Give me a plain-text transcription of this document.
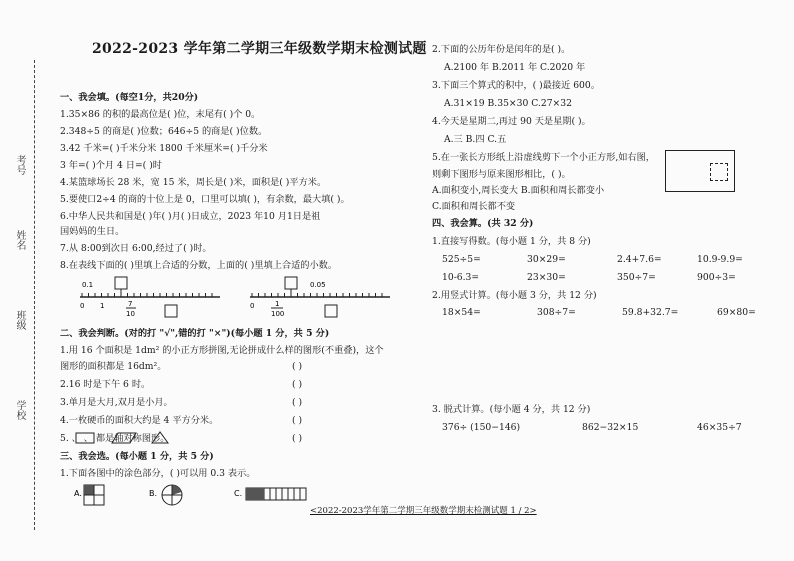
考号
姓名
班级
学校
2022-2023 学年第二学期三年级数学期末检测试题
一、我会填。(每空1分，共20分)
1.35×86 的积的最高位是( )位，末尾有( )个 0。
2.348÷5 的商是( )位数；646÷5 的商是( )位数。
3.42 千米=( )千米分米 1800 千米厘米=( )千分米
3 年=( )个月 4 日=( )时
4.某篮球场长 28 米，宽 15 米，周长是( )米，面积是( )平方米。
5.要使口2÷4 的商的十位上是 0，口里可以填( )，有余数，最大填( )。
6.中华人民共和国是( )年( )月( )日成立，2023 年10 月1日是祖
国妈妈的生日。
7.从 8:00到次日 6:00,经过了( )时。
8.在表线下面的( )里填上合适的分数，上面的( )里填上合适的小数。
0.1
0 1	7
10
0.05
0	1
100
二、我会判断。(对的打 "√",错的打 "×")(每小题 1 分，共 5 分)
1.用 16 个面积是 1dm² 的小正方形拼图,无论拼成什么样的图形(不重叠)，这个
图形的面积都是 16dm²。	( )
2.16 时是下午 6 时。	( )
3.单月是大月,双月是小月。	( )
4.一枚硬币的面积大约是 4 平方分米。	( )
5. 、 、 都是轴对称图形。	( )
三、我会选。(每小题 1 分，共 5 分)
1.下面各图中的涂色部分，( )可以用 0.3 表示。
A.	B.	C.
2.下面的公历年份是闰年的是( )。
A.2100 年 B.2011 年 C.2020 年
3.下面三个算式的积中，( )最接近 600。
A.31×19 B.35×30 C.27×32
4.今天是星期二,再过 90 天是星期( )。
A.三 B.四 C.五
5.在一张长方形纸上沿虚线剪下一个小正方形,如右图，
则剩下图形与原来图形相比，( )。
A.面积变小,周长变大 B.面积和周长都变小
C.面积和周长都不变
四、我会算。(共 32 分)
1.直接写得数。(每小题 1 分，共 8 分)
525÷5=	30×29=	2.4+7.6=	10.9-9.9=
10-6.3=	23×30=	350÷7=	900÷3=
2.用竖式计算。(每小题 3 分，共 12 分)
18×54=	308÷7=	59.8+32.7=	69×80=
3. 脱式计算。(每小题 4 分，共 12 分)
376÷ (150−146)	862−32×15	46×35÷7
<2022-2023学年第二学期三年级数学期末检测试题 1 / 2>
